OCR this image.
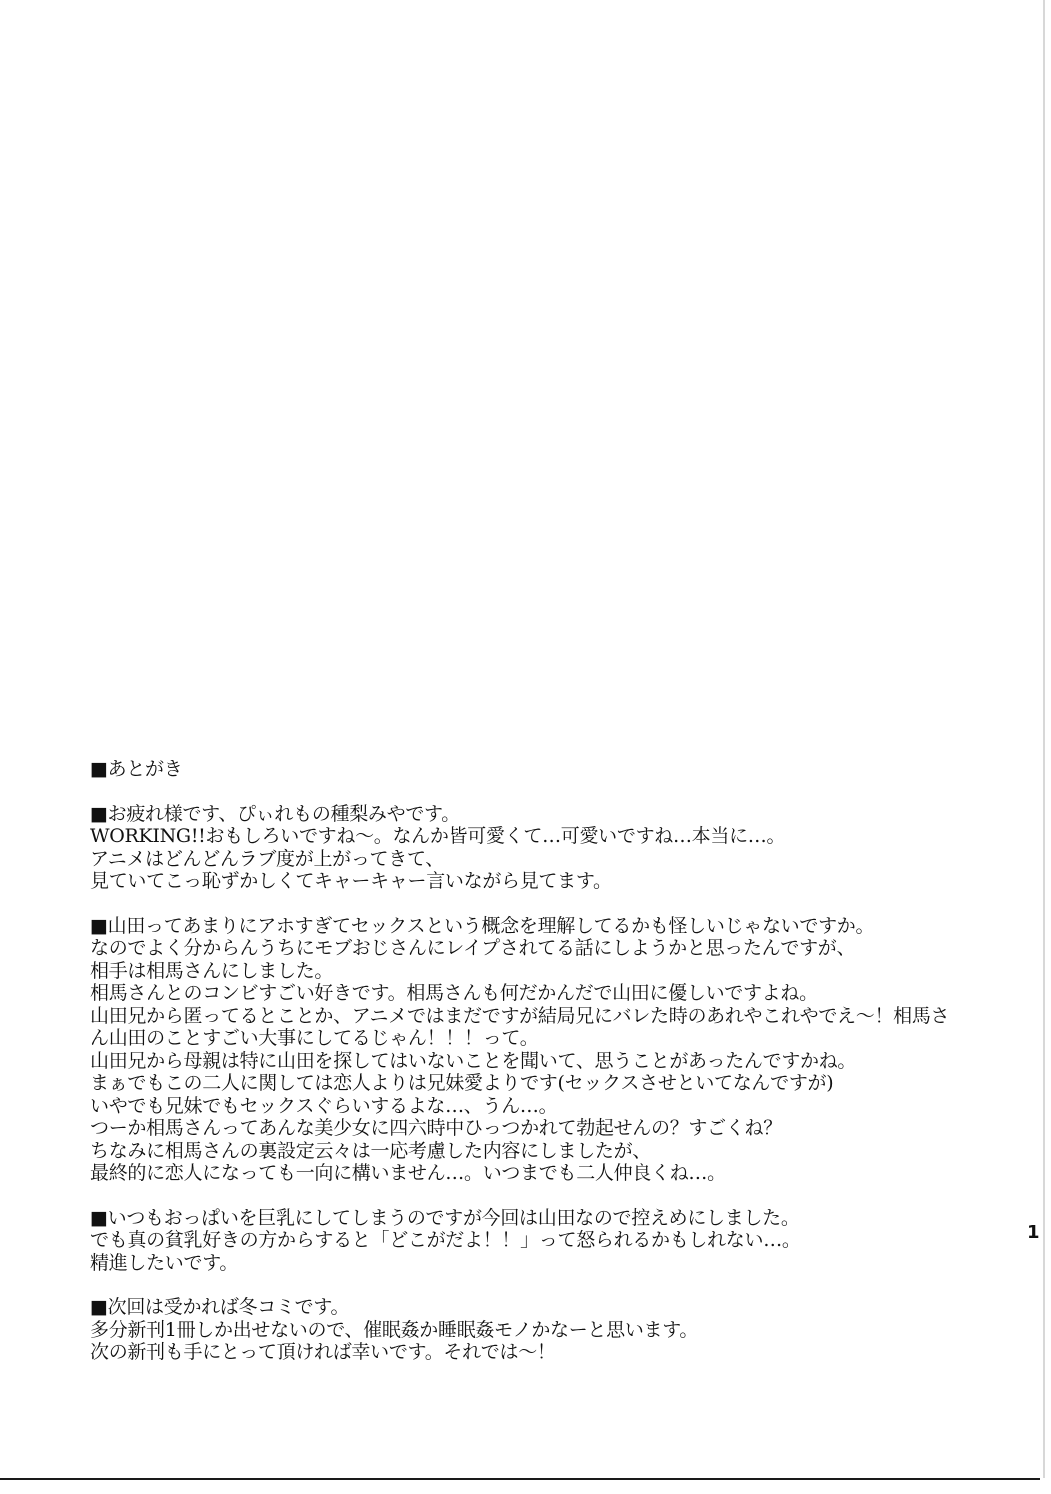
■あとがき
■お疲れ様です、ぴぃれもの種梨みやです。
WORKING!!おもしろいですね～。なんか皆可愛くて…可愛いですね…本当に…。
アニメはどんどんラブ度が上がってきて、
見ていてこっ恥ずかしくてキャーキャー言いながら見てます。
■山田ってあまりにアホすぎてセックスという概念を理解してるかも怪しいじゃないですか。
なのでよく分からんうちにモブおじさんにレイプされてる話にしようかと思ったんですが、
相手は相馬さんにしました。
相馬さんとのコンビすごい好きです。相馬さんも何だかんだで山田に優しいですよね。
山田兄から匿ってるとことか、アニメではまだですが結局兄にバレた時のあれやこれやでえ～！相馬さん山田のことすごい大事にしてるじゃん！！！って。
山田兄から母親は特に山田を探してはいないことを聞いて、思うことがあったんですかね。
まぁでもこの二人に関しては恋人よりは兄妹愛よりです(セックスさせといてなんですが)
いやでも兄妹でもセックスぐらいするよな…、うん…。
つーか相馬さんってあんな美少女に四六時中ひっつかれて勃起せんの？すごくね？
ちなみに相馬さんの裏設定云々は一応考慮した内容にしましたが、
最終的に恋人になっても一向に構いません…。いつまでも二人仲良くね…。
■いつもおっぱいを巨乳にしてしまうのですが今回は山田なので控えめにしました。
でも真の貧乳好きの方からすると「どこがだよ！！」って怒られるかもしれない…。
精進したいです。
■次回は受かれば冬コミです。
多分新刊1冊しか出せないので、催眠姦か睡眠姦モノかなーと思います。
次の新刊も手にとって頂ければ幸いです。それでは～！
1
